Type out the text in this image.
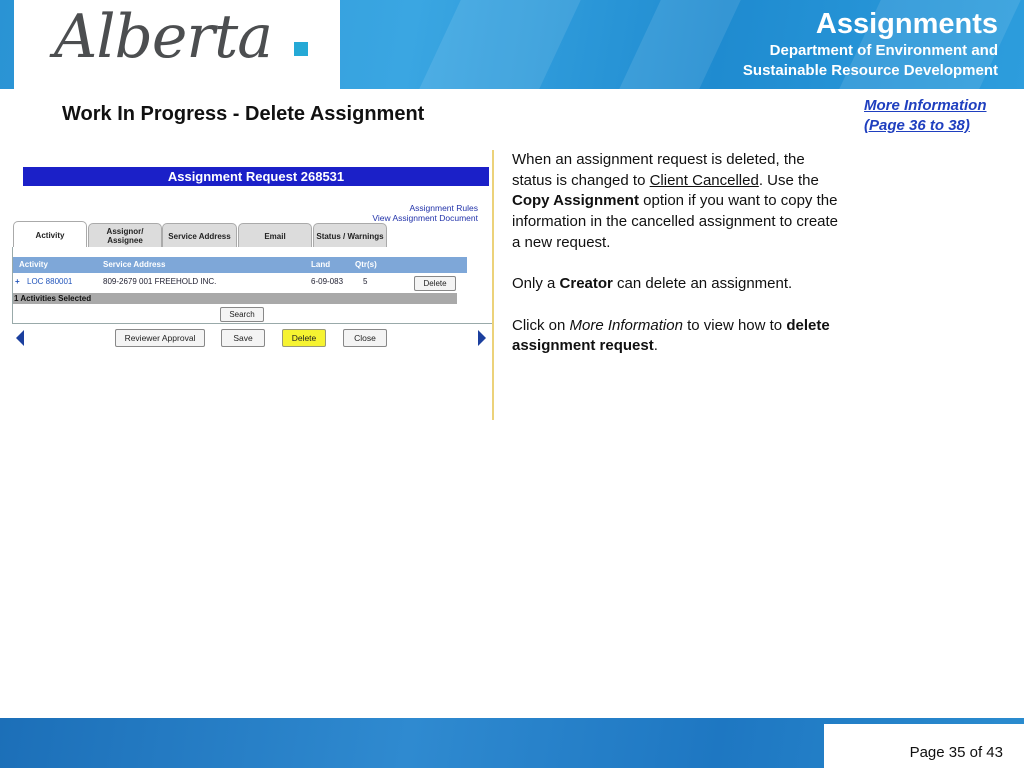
Alberta	Assignments
Department of Environment and
Sustainable Resource Development
Work In Progress - Delete Assignment	More Information
(Page 36 to 38)
Assignment Request 268531
Assignment Rules
View Assignment Document
Activity	Assignor/ Assignee	Service Address	Email	Status / Warnings
Activity	Service Address	Land	Qtr(s)
+ LOC 880001	809-2679 001 FREEHOLD INC.	6-09-083 5	Delete
1 Activities Selected
Search
Reviewer Approval	Save	Delete	Close

When an assignment request is deleted, the status is changed to Client Cancelled. Use the Copy Assignment option if you want to copy the information in the cancelled assignment to create a new request.

Only a Creator can delete an assignment.

Click on More Information to view how to delete assignment request.

Page 35 of 43
